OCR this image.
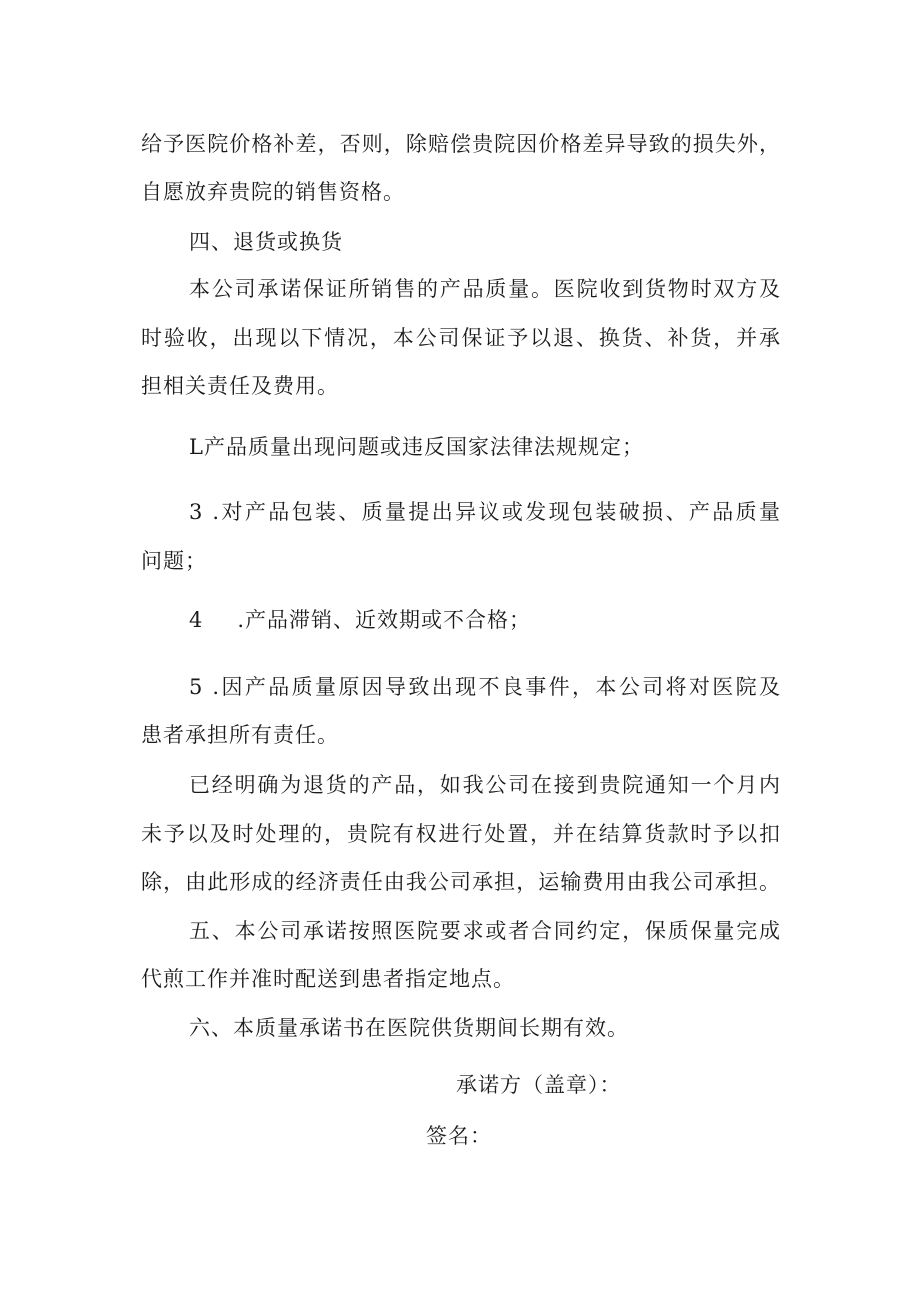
给予医院价格补差，否则，除赔偿贵院因价格差异导致的损失外，
自愿放弃贵院的销售资格。
四、退货或换货
本公司承诺保证所销售的产品质量。医院收到货物时双方及
时验收，出现以下情况，本公司保证予以退、换货、补货，并承
担相关责任及费用。
L产品质量出现问题或违反国家法律法规规定；
3 .对产品包装、质量提出异议或发现包装破损、产品质量
问题；
4 .产品滞销、近效期或不合格；
5 .因产品质量原因导致出现不良事件，本公司将对医院及
患者承担所有责任。
已经明确为退货的产品，如我公司在接到贵院通知一个月内
未予以及时处理的，贵院有权进行处置，并在结算货款时予以扣
除，由此形成的经济责任由我公司承担，运输费用由我公司承担。
五、本公司承诺按照医院要求或者合同约定，保质保量完成
代煎工作并准时配送到患者指定地点。
六、本质量承诺书在医院供货期间长期有效。
承诺方（盖章）：
签名：
